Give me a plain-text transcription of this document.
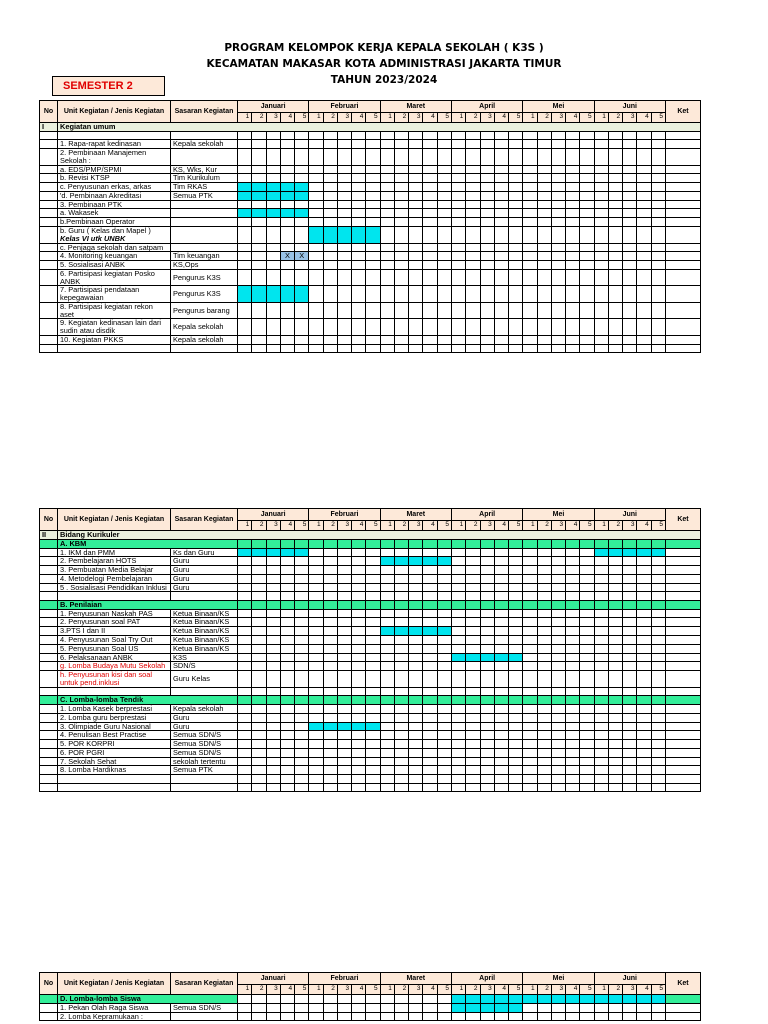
PROGRAM KELOMPOK KERJA KEPALA SEKOLAH ( K3S )
KECAMATAN MAKASAR KOTA ADMINISTRASI JAKARTA TIMUR
TAHUN 2023/2024
SEMESTER 2
No	Unit Kegiatan / Jenis Kegiatan	Sasaran Kegiatan	Januari					Februari					Maret					April					Mei					Juni					Ket
			1	2	3	4	5	1	2	3	4	5	1	2	3	4	5	1	2	3	4	5	1	2	3	4	5	1	2	3	4	5	
I	Kegiatan umum																																

	1. Rapa-rapat kedinasan	Kepala sekolah																															
	2. Pembinaan Manajemen Sekolah :																																
	a. EDS/PMP/SPMI	KS, Wks, Kur																															
	b. Revisi KTSP	Tim Kurikulum																															
	c. Penyusunan erkas, arkas	Tim RKAS																															
	'd. Pembinaan Akreditasi	Semua PTK																															
	3. Pembinaan PTK																																
	a. Wakasek																																
	b.Pembinaan Operator																																
	b. Guru ( Kelas dan Mapel )
Kelas VI utk UNBK																																
	c. Penjaga sekolah dan satpam																																
	4. Monitoring keuangan	Tim keuangan				X	X																										
	5. Sosialisasi ANBK	KS,Ops																															
	6. Partisipasi kegiatan Posko ANBK	Pengurus K3S																															
	7. Partisipasi pendataan kepegawaian	Pengurus K3S																															
	8. Partisipasi kegiatan rekon aset	Pengurus barang																															
	9. Kegiatan kedinasan lain dari sudin atau disdik	Kepala sekolah																															
	10. Kegiatan PKKS	Kepala sekolah																															

No	Unit Kegiatan / Jenis Kegiatan	Sasaran Kegiatan	Januari					Februari					Maret					April					Mei					Juni					Ket
			1	2	3	4	5	1	2	3	4	5	1	2	3	4	5	1	2	3	4	5	1	2	3	4	5	1	2	3	4	5	
II	Bidang Kurikuler																																
	A. KBM																																
	1. IKM dan PMM	Ks dan Guru																															
	2. Pembelajaran HOTS	Guru																															
	3. Pembuatan Media Belajar	Guru																															
	4. Metodelogi Pembelajaran	Guru																															
	5 . Sosialisasi Pendidikan Inklusi	Guru																															

	B. Penilaian																																
	1. Penyusunan Naskah PAS	Ketua Binaan/KS																															
	2. Penyusunan soal PAT	Ketua Binaan/KS																															
	3.PTS I dan II	Ketua Binaan/KS																															
	4. Penyusunan Soal Try Out	Ketua Binaan/KS																															
	5. Penyusunan Soal US	Ketua Binaan/KS																															
	6. Pelaksanaan ANBK	K3S																															
	g. Lomba Budaya Mutu Sekolah	SDN/S																															
	h. Penyusunan kisi dan soal untuk pend.inklusi	Guru Kelas																															

	C. Lomba-lomba Tendik																																
	1. Lomba Kasek berprestasi	Kepala sekolah																															
	2. Lomba guru berprestasi	Guru																															
	3. Olimpiade Guru Nasional	Guru																															
	4. Penulisan Best Practise	Semua SDN/S																															
	5. POR KORPRI	Semua SDN/S																															
	6. POR PGRI	Semua SDN/S																															
	7. Sekolah Sehat	sekolah tertentu																															
	8. Lomba Hardiknas	Semua PTK																															

No	Unit Kegiatan / Jenis Kegiatan	Sasaran Kegiatan	Januari					Februari					Maret					April					Mei					Juni					Ket
			1	2	3	4	5	1	2	3	4	5	1	2	3	4	5	1	2	3	4	5	1	2	3	4	5	1	2	3	4	5	
	D. Lomba-lomba Siswa																																
	1. Pekan Olah Raga Siswa	Semua SDN/S																															
	2. Lomba Kepramukaan :																																
